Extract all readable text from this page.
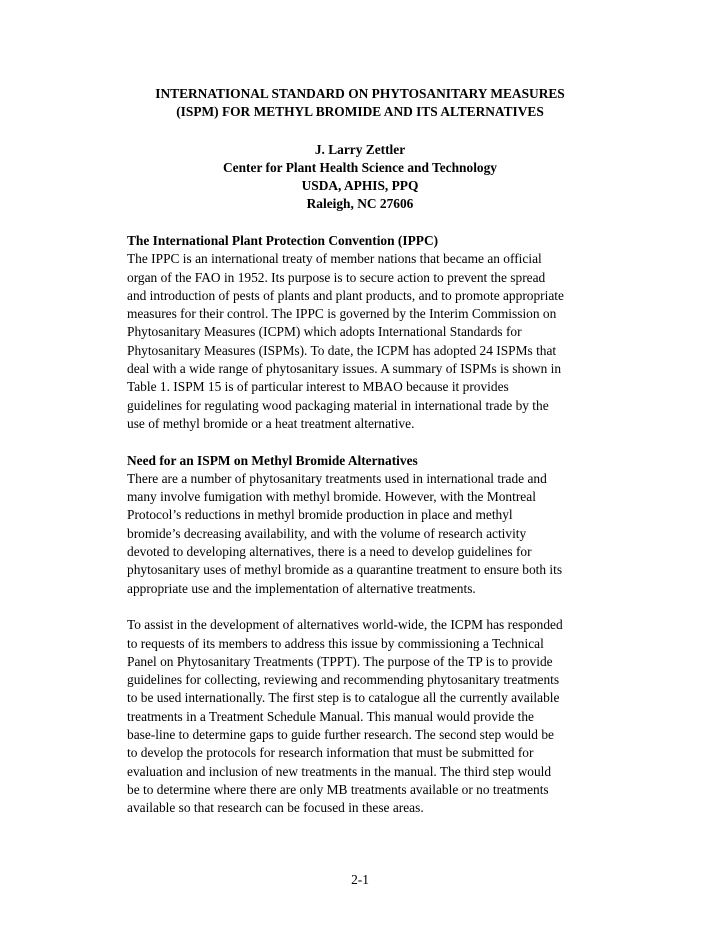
INTERNATIONAL STANDARD ON PHYTOSANITARY MEASURES
(ISPM) FOR METHYL BROMIDE AND ITS ALTERNATIVES
J. Larry Zettler
Center for Plant Health Science and Technology
USDA, APHIS, PPQ
Raleigh, NC 27606
The International Plant Protection Convention (IPPC)
The IPPC is an international treaty of member nations that became an official
organ of the FAO in 1952. Its purpose is to secure action to prevent the spread
and introduction of pests of plants and plant products, and to promote appropriate
measures for their control. The IPPC is governed by the Interim Commission on
Phytosanitary Measures (ICPM) which adopts International Standards for
Phytosanitary Measures (ISPMs). To date, the ICPM has adopted 24 ISPMs that
deal with a wide range of phytosanitary issues. A summary of ISPMs is shown in
Table 1. ISPM 15 is of particular interest to MBAO because it provides
guidelines for regulating wood packaging material in international trade by the
use of methyl bromide or a heat treatment alternative.
Need for an ISPM on Methyl Bromide Alternatives
There are a number of phytosanitary treatments used in international trade and
many involve fumigation with methyl bromide. However, with the Montreal
Protocol’s reductions in methyl bromide production in place and methyl
bromide’s decreasing availability, and with the volume of research activity
devoted to developing alternatives, there is a need to develop guidelines for
phytosanitary uses of methyl bromide as a quarantine treatment to ensure both its
appropriate use and the implementation of alternative treatments.
To assist in the development of alternatives world-wide, the ICPM has responded
to requests of its members to address this issue by commissioning a Technical
Panel on Phytosanitary Treatments (TPPT). The purpose of the TP is to provide
guidelines for collecting, reviewing and recommending phytosanitary treatments
to be used internationally. The first step is to catalogue all the currently available
treatments in a Treatment Schedule Manual. This manual would provide the
base-line to determine gaps to guide further research. The second step would be
to develop the protocols for research information that must be submitted for
evaluation and inclusion of new treatments in the manual. The third step would
be to determine where there are only MB treatments available or no treatments
available so that research can be focused in these areas.
2-1
